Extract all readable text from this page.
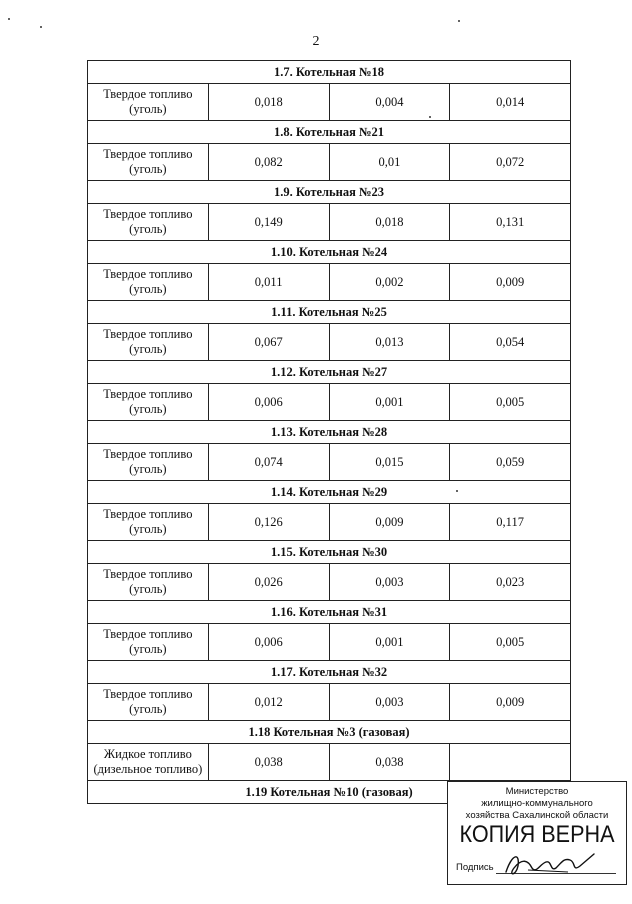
2
1.7. Котельная №18			

Твердое топливо
(уголь)	0,018	0,004	0,014
1.8. Котельная №21			

Твердое топливо
(уголь)	0,082	0,01	0,072
1.9. Котельная №23			

Твердое топливо
(уголь)	0,149	0,018	0,131
1.10. Котельная №24			

Твердое топливо
(уголь)	0,011	0,002	0,009
1.11. Котельная №25			

Твердое топливо
(уголь)	0,067	0,013	0,054
1.12. Котельная №27			

Твердое топливо
(уголь)	0,006	0,001	0,005
1.13. Котельная №28			

Твердое топливо
(уголь)	0,074	0,015	0,059
1.14. Котельная №29			

Твердое топливо
(уголь)	0,126	0,009	0,117
1.15. Котельная №30			

Твердое топливо
(уголь)	0,026	0,003	0,023
1.16. Котельная №31			

Твердое топливо
(уголь)	0,006	0,001	0,005
1.17. Котельная №32			

Твердое топливо
(уголь)	0,012	0,003	0,009
1.18 Котельная №3 (газовая)			

Жидкое топливо
(дизельное топливо)	0,038	0,038	
1.19 Котельная №10 (газовая)				Министерство
жилищно-коммунального
хозяйства Сахалинской области
КОПИЯ ВЕРНА
Подпись
